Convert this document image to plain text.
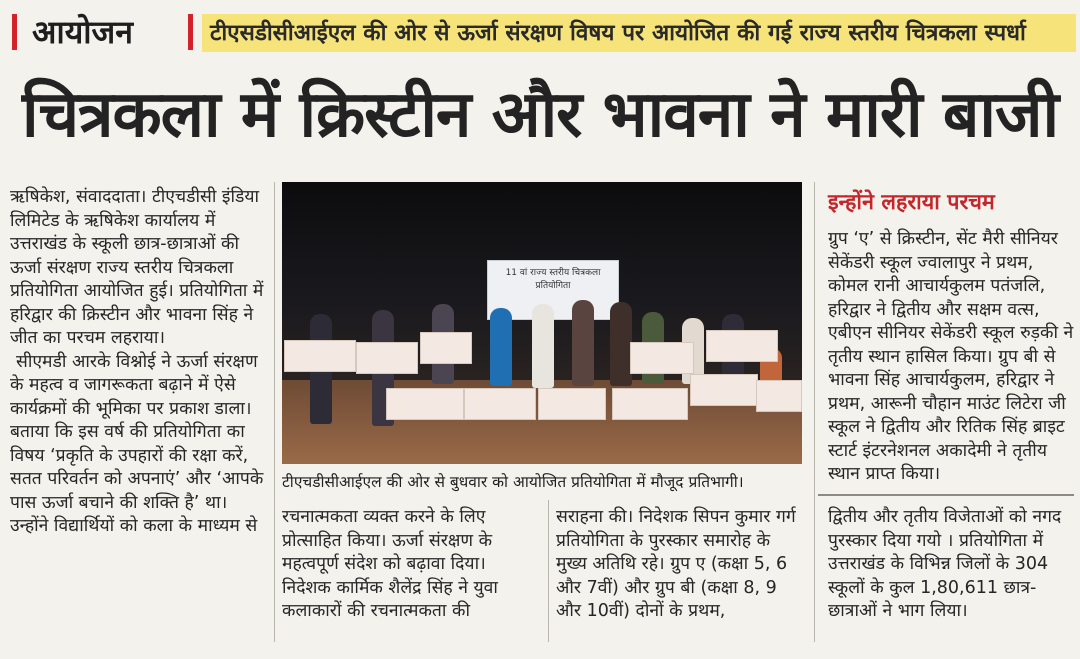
आयोजन	टीएसडीसीआईएल की ओर से ऊर्जा संरक्षण विषय पर आयोजित की गई राज्य स्तरीय चित्रकला स्पर्धा
चित्रकला में क्रिस्टीन और भावना ने मारी बाजी

ऋषिकेश, संवाददाता। टीएचडीसी इंडिया लिमिटेड के ऋषिकेश कार्यालय में उत्तराखंड के स्कूली छात्र-छात्राओं की ऊर्जा संरक्षण राज्य स्तरीय चित्रकला प्रतियोगिता आयोजित हुई। प्रतियोगिता में हरिद्वार की क्रिस्टीन और भावना सिंह ने जीत का परचम लहराया।

सीएमडी आरके विश्नोई ने ऊर्जा संरक्षण के महत्व व जागरूकता बढ़ाने में ऐसे कार्यक्रमों की भूमिका पर प्रकाश डाला। बताया कि इस वर्ष की प्रतियोगिता का विषय ‘प्रकृति के उपहारों की रक्षा करें, सतत परिवर्तन को अपनाएं’ और ‘आपके पास ऊर्जा बचाने की शक्ति है’ था। उन्होंने विद्यार्थियों को कला के माध्यम से

11 वां राज्य स्तरीय चित्रकला प्रतियोगिता
टीएचडीसीआईएल की ओर से बुधवार को आयोजित प्रतियोगिता में मौजूद प्रतिभागी।
रचनात्मकता व्यक्त करने के लिए प्रोत्साहित किया। ऊर्जा संरक्षण के महत्वपूर्ण संदेश को बढ़ावा दिया। निदेशक कार्मिक शैलेंद्र सिंह ने युवा कलाकारों की रचनात्मकता की
सराहना की। निदेशक सिपन कुमार गर्ग प्रतियोगिता के पुरस्कार समारोह के मुख्य अतिथि रहे। ग्रुप ए (कक्षा 5, 6 और 7वीं) और ग्रुप बी (कक्षा 8, 9 और 10वीं) दोनों के प्रथम,
इन्होंने लहराया परचम
ग्रुप ‘ए’ से क्रिस्टीन, सेंट मैरी सीनियर सेकेंडरी स्कूल ज्वालापुर ने प्रथम, कोमल रानी आचार्यकुलम पतंजलि, हरिद्वार ने द्वितीय और सक्षम वत्स, एबीएन सीनियर सेकेंडरी स्कूल रुड़की ने तृतीय स्थान हासिल किया। ग्रुप बी से भावना सिंह आचार्यकुलम, हरिद्वार ने प्रथम, आरूनी चौहान माउंट लिटेरा जी स्कूल ने द्वितीय और रितिक सिंह ब्राइट स्टार्ट इंटरनेशनल अकादेमी ने तृतीय स्थान प्राप्त किया।
द्वितीय और तृतीय विजेताओं को नगद पुरस्कार दिया गयो । प्रतियोगिता में उत्तराखंड के विभिन्न जिलों के 304 स्कूलों के कुल 1,80,611 छात्र-छात्राओं ने भाग लिया।
